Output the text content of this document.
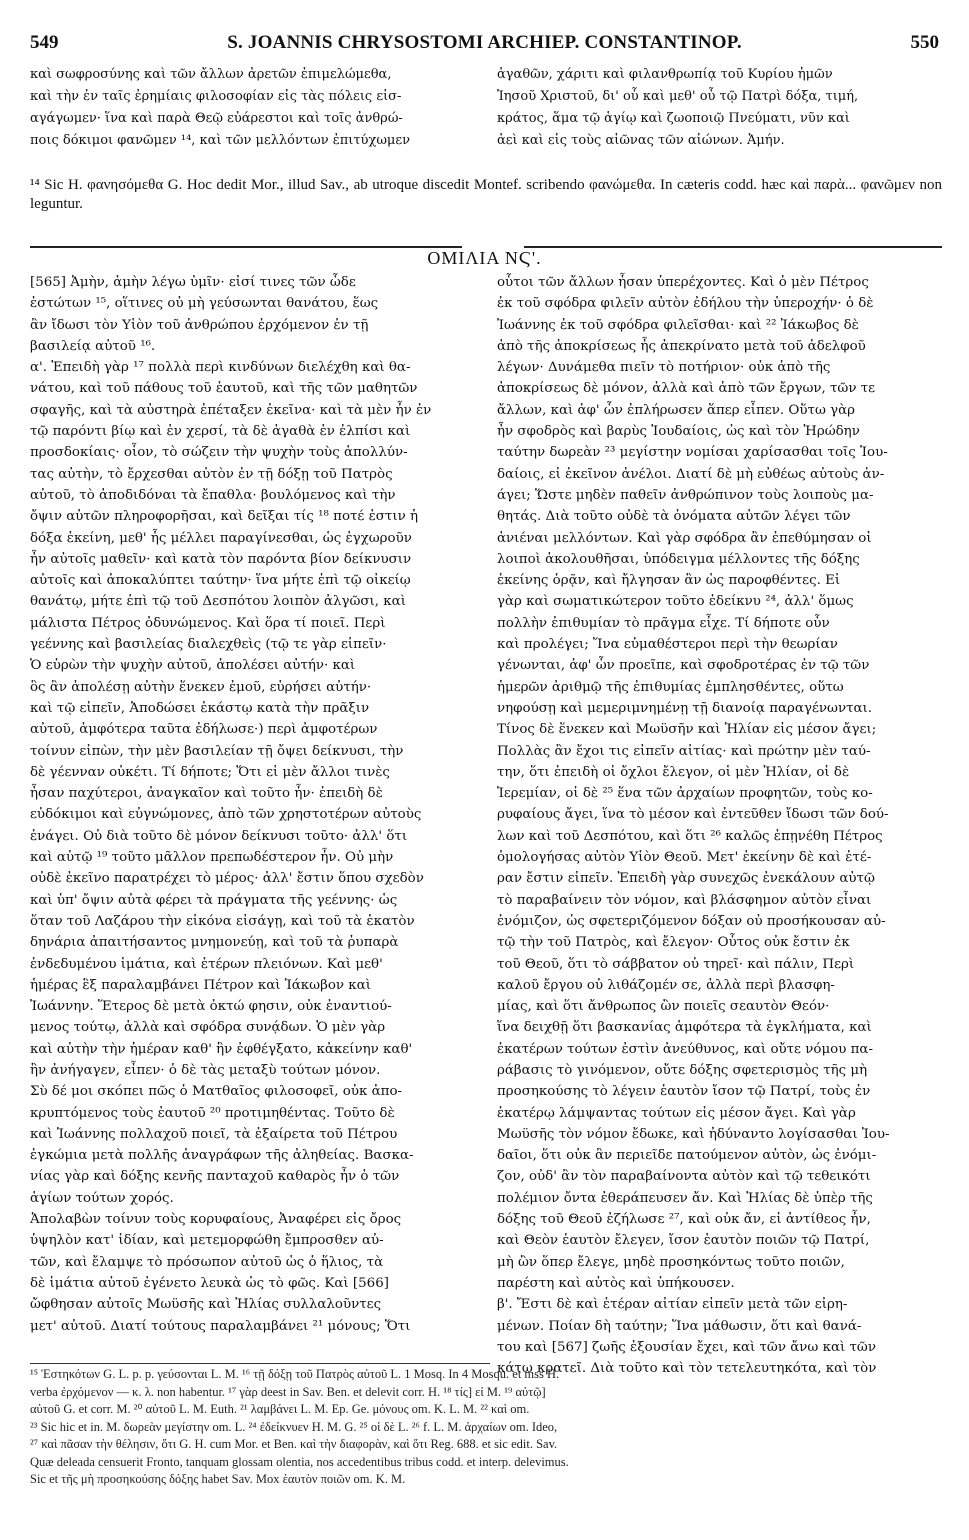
549	S. JOANNIS CHRYSOSTOMI ARCHIEP. CONSTANTINOP.	550
καὶ σωφροσύνης καὶ τῶν ἄλλων ἀρετῶν ἐπιμελώμεθα,
καὶ τὴν ἐν ταῖς ἐρημίαις φιλοσοφίαν εἰς τὰς πόλεις εἰσ-
αγάγωμεν· ἵνα καὶ παρὰ Θεῷ εὐάρεστοι καὶ τοῖς ἀνθρώ-
ποις δόκιμοι φανῶμεν ¹⁴, καὶ τῶν μελλόντων ἐπιτύχωμεν
ἀγαθῶν, χάριτι καὶ φιλανθρωπίᾳ τοῦ Κυρίου ἡμῶν
Ἰησοῦ Χριστοῦ, δι' οὗ καὶ μεθ' οὗ τῷ Πατρὶ δόξα, τιμή,
κράτος, ἅμα τῷ ἁγίῳ καὶ ζωοποιῷ Πνεύματι, νῦν καὶ
ἀεὶ καὶ εἰς τοὺς αἰῶνας τῶν αἰώνων. Ἀμήν.
¹⁴ Sic H. φανησόμεθα G. Hoc dedit Mor., illud Sav., ab utroque discedit Montef. scribendo φανώμεθα. In cæteris codd. hæc καὶ παρὰ... φανῶμεν non leguntur.
ΟΜΙΛΙΑ ΝϚ'.
[565] Ἀμὴν, ἀμὴν λέγω ὑμῖν· εἰσί τινες τῶν ὧδε
ἑστώτων ¹⁵, οἵτινες οὐ μὴ γεύσωνται θανάτου, ἕως
ἂν ἴδωσι τὸν Υἱὸν τοῦ ἀνθρώπου ἐρχόμενον ἐν τῇ
βασιλείᾳ αὐτοῦ ¹⁶.
α'. Ἐπειδὴ γὰρ ¹⁷ πολλὰ περὶ κινδύνων διελέχθη καὶ θα-
νάτου, καὶ τοῦ πάθους τοῦ ἑαυτοῦ, καὶ τῆς τῶν μαθητῶν
σφαγῆς, καὶ τὰ αὐστηρὰ ἐπέταξεν ἐκεῖνα· καὶ τὰ μὲν ἦν ἐν
τῷ παρόντι βίῳ καὶ ἐν χερσί, τὰ δὲ ἀγαθὰ ἐν ἐλπίσι καὶ
προσδοκίαις· οἷον, τὸ σώζειν τὴν ψυχὴν τοὺς ἀπολλύν-
τας αὐτὴν, τὸ ἔρχεσθαι αὐτὸν ἐν τῇ δόξῃ τοῦ Πατρὸς
αὐτοῦ, τὸ ἀποδιδόναι τὰ ἔπαθλα· βουλόμενος καὶ τὴν
ὄψιν αὐτῶν πληροφορῆσαι, καὶ δεῖξαι τίς ¹⁸ ποτέ ἐστιν ἡ
δόξα ἐκείνη, μεθ' ἧς μέλλει παραγίνεσθαι, ὡς ἐγχωροῦν
ἦν αὐτοῖς μαθεῖν· καὶ κατὰ τὸν παρόντα βίον δείκνυσιν
αὐτοῖς καὶ ἀποκαλύπτει ταύτην· ἵνα μήτε ἐπὶ τῷ οἰκείῳ
θανάτῳ, μήτε ἐπὶ τῷ τοῦ Δεσπότου λοιπὸν ἀλγῶσι, καὶ
μάλιστα Πέτρος ὀδυνώμενος. Καὶ ὅρα τί ποιεῖ. Περὶ
γεέννης καὶ βασιλείας διαλεχθεὶς (τῷ τε γὰρ εἰπεῖν·
Ὁ εὑρὼν τὴν ψυχὴν αὐτοῦ, ἀπολέσει αὐτήν· καὶ
ὃς ἂν ἀπολέσῃ αὐτὴν ἕνεκεν ἐμοῦ, εὑρήσει αὐτήν·
καὶ τῷ εἰπεῖν, Ἀποδώσει ἑκάστῳ κατὰ τὴν πρᾶξιν
αὐτοῦ, ἀμφότερα ταῦτα ἐδήλωσε·) περὶ ἀμφοτέρων
τοίνυν εἰπὼν, τὴν μὲν βασιλείαν τῇ ὄψει δείκνυσι, τὴν
δὲ γέενναν οὐκέτι. Τί δήποτε; Ὅτι εἰ μὲν ἄλλοι τινὲς
ἦσαν παχύτεροι, ἀναγκαῖον καὶ τοῦτο ἦν· ἐπειδὴ δὲ
εὐδόκιμοι καὶ εὐγνώμονες, ἀπὸ τῶν χρηστοτέρων αὐτοὺς
ἐνάγει. Οὐ διὰ τοῦτο δὲ μόνον δείκνυσι τοῦτο· ἀλλ' ὅτι
καὶ αὐτῷ ¹⁹ τοῦτο μᾶλλον πρεπωδέστερον ἦν. Οὐ μὴν
οὐδὲ ἐκεῖνο παρατρέχει τὸ μέρος· ἀλλ' ἔστιν ὅπου σχεδὸν
καὶ ὑπ' ὄψιν αὐτὰ φέρει τὰ πράγματα τῆς γεέννης· ὡς
ὅταν τοῦ Λαζάρου τὴν εἰκόνα εἰσάγῃ, καὶ τοῦ τὰ ἑκατὸν
δηνάρια ἀπαιτήσαντος μνημονεύῃ, καὶ τοῦ τὰ ῥυπαρὰ
ἐνδεδυμένου ἱμάτια, καὶ ἑτέρων πλειόνων. Καὶ μεθ'
ἡμέρας ἓξ παραλαμβάνει Πέτρον καὶ Ἰάκωβον καὶ
Ἰωάννην. Ἕτερος δὲ μετὰ ὀκτώ φησιν, οὐκ ἐναντιού-
μενος τούτῳ, ἀλλὰ καὶ σφόδρα συνᾴδων. Ὁ μὲν γὰρ
καὶ αὐτὴν τὴν ἡμέραν καθ' ἣν ἐφθέγξατο, κἀκείνην καθ'
ἣν ἀνήγαγεν, εἶπεν· ὁ δὲ τὰς μεταξὺ τούτων μόνον.
Σὺ δέ μοι σκόπει πῶς ὁ Ματθαῖος φιλοσοφεῖ, οὐκ ἀπο-
κρυπτόμενος τοὺς ἑαυτοῦ ²⁰ προτιμηθέντας. Τοῦτο δὲ
καὶ Ἰωάννης πολλαχοῦ ποιεῖ, τὰ ἐξαίρετα τοῦ Πέτρου
ἐγκώμια μετὰ πολλῆς ἀναγράφων τῆς ἀληθείας. Βασκα-
νίας γὰρ καὶ δόξης κενῆς πανταχοῦ καθαρὸς ἦν ὁ τῶν
ἁγίων τούτων χορός.
Ἀπολαβὼν τοίνυν τοὺς κορυφαίους, Ἀναφέρει εἰς ὄρος
ὑψηλὸν κατ' ἰδίαν, καὶ μετεμορφώθη ἔμπροσθεν αὐ-
τῶν, καὶ ἔλαμψε τὸ πρόσωπον αὐτοῦ ὡς ὁ ἥλιος, τὰ
δὲ ἱμάτια αὐτοῦ ἐγένετο λευκὰ ὡς τὸ φῶς. Καὶ [566]
ὤφθησαν αὐτοῖς Μωϋσῆς καὶ Ἠλίας συλλαλοῦντες
μετ' αὐτοῦ. Διατί τούτους παραλαμβάνει ²¹ μόνους; Ὅτι
οὗτοι τῶν ἄλλων ἦσαν ὑπερέχοντες. Καὶ ὁ μὲν Πέτρος
ἐκ τοῦ σφόδρα φιλεῖν αὐτὸν ἐδήλου τὴν ὑπεροχήν· ὁ δὲ
Ἰωάννης ἐκ τοῦ σφόδρα φιλεῖσθαι· καὶ ²² Ἰάκωβος δὲ
ἀπὸ τῆς ἀποκρίσεως ἧς ἀπεκρίνατο μετὰ τοῦ ἀδελφοῦ
λέγων· Δυνάμεθα πιεῖν τὸ ποτήριον· οὐκ ἀπὸ τῆς
ἀποκρίσεως δὲ μόνον, ἀλλὰ καὶ ἀπὸ τῶν ἔργων, τῶν τε
ἄλλων, καὶ ἀφ' ὧν ἐπλήρωσεν ἅπερ εἶπεν. Οὕτω γὰρ
ἦν σφοδρὸς καὶ βαρὺς Ἰουδαίοις, ὡς καὶ τὸν Ἡρώδην
ταύτην δωρεὰν ²³ μεγίστην νομίσαι χαρίσασθαι τοῖς Ἰου-
δαίοις, εἰ ἐκεῖνον ἀνέλοι. Διατί δὲ μὴ εὐθέως αὐτοὺς ἀν-
άγει; Ὥστε μηδὲν παθεῖν ἀνθρώπινον τοὺς λοιποὺς μα-
θητάς. Διὰ τοῦτο οὐδὲ τὰ ὀνόματα αὐτῶν λέγει τῶν
ἀνιέναι μελλόντων. Καὶ γὰρ σφόδρα ἂν ἐπεθύμησαν οἱ
λοιποὶ ἀκολουθῆσαι, ὑπόδειγμα μέλλοντες τῆς δόξης
ἐκείνης ὁρᾷν, καὶ ἤλγησαν ἂν ὡς παροφθέντες. Εἰ
γὰρ καὶ σωματικώτερον τοῦτο ἐδείκνυ ²⁴, ἀλλ' ὅμως
πολλὴν ἐπιθυμίαν τὸ πρᾶγμα εἶχε. Τί δήποτε οὖν
καὶ προλέγει; Ἵνα εὐμαθέστεροι περὶ τὴν θεωρίαν
γένωνται, ἀφ' ὧν προεῖπε, καὶ σφοδροτέρας ἐν τῷ τῶν
ἡμερῶν ἀριθμῷ τῆς ἐπιθυμίας ἐμπλησθέντες, οὕτω
νηφούσῃ καὶ μεμεριμνημένῃ τῇ διανοίᾳ παραγένωνται.
Τίνος δὲ ἕνεκεν καὶ Μωϋσῆν καὶ Ἠλίαν εἰς μέσον ἄγει;
Πολλὰς ἂν ἔχοι τις εἰπεῖν αἰτίας· καὶ πρώτην μὲν ταύ-
την, ὅτι ἐπειδὴ οἱ ὄχλοι ἔλεγον, οἱ μὲν Ἠλίαν, οἱ δὲ
Ἱερεμίαν, οἱ δὲ ²⁵ ἕνα τῶν ἀρχαίων προφητῶν, τοὺς κο-
ρυφαίους ἄγει, ἵνα τὸ μέσον καὶ ἐντεῦθεν ἴδωσι τῶν δού-
λων καὶ τοῦ Δεσπότου, καὶ ὅτι ²⁶ καλῶς ἐπῃνέθη Πέτρος
ὁμολογήσας αὐτὸν Υἱὸν Θεοῦ. Μετ' ἐκείνην δὲ καὶ ἑτέ-
ραν ἔστιν εἰπεῖν. Ἐπειδὴ γὰρ συνεχῶς ἐνεκάλουν αὐτῷ
τὸ παραβαίνειν τὸν νόμον, καὶ βλάσφημον αὐτὸν εἶναι
ἐνόμιζον, ὡς σφετεριζόμενον δόξαν οὐ προσήκουσαν αὐ-
τῷ τὴν τοῦ Πατρὸς, καὶ ἔλεγον· Οὗτος οὐκ ἔστιν ἐκ
τοῦ Θεοῦ, ὅτι τὸ σάββατον οὐ τηρεῖ· καὶ πάλιν, Περὶ
καλοῦ ἔργου οὐ λιθάζομέν σε, ἀλλὰ περὶ βλασφη-
μίας, καὶ ὅτι ἄνθρωπος ὢν ποιεῖς σεαυτὸν Θεόν·
ἵνα δειχθῇ ὅτι βασκανίας ἀμφότερα τὰ ἐγκλήματα, καὶ
ἑκατέρων τούτων ἐστὶν ἀνεύθυνος, καὶ οὔτε νόμου πα-
ράβασις τὸ γινόμενον, οὔτε δόξης σφετερισμὸς τῆς μὴ
προσηκούσης τὸ λέγειν ἑαυτὸν ἴσον τῷ Πατρί, τοὺς ἐν
ἑκατέρῳ λάμψαντας τούτων εἰς μέσον ἄγει. Καὶ γὰρ
Μωϋσῆς τὸν νόμον ἔδωκε, καὶ ἠδύναντο λογίσασθαι Ἰου-
δαῖοι, ὅτι οὐκ ἂν περιεῖδε πατούμενον αὐτὸν, ὡς ἐνόμι-
ζον, οὐδ' ἂν τὸν παραβαίνοντα αὐτὸν καὶ τῷ τεθεικότι
πολέμιον ὄντα ἐθεράπευσεν ἄν. Καὶ Ἠλίας δὲ ὑπὲρ τῆς
δόξης τοῦ Θεοῦ ἐζήλωσε ²⁷, καὶ οὐκ ἄν, εἰ ἀντίθεος ἦν,
καὶ Θεὸν ἑαυτὸν ἔλεγεν, ἴσον ἑαυτὸν ποιῶν τῷ Πατρί,
μὴ ὢν ὅπερ ἔλεγε, μηδὲ προσηκόντως τοῦτο ποιῶν,
παρέστη καὶ αὐτὸς καὶ ὑπήκουσεν.
β'. Ἔστι δὲ καὶ ἑτέραν αἰτίαν εἰπεῖν μετὰ τῶν εἰρη-
μένων. Ποίαν δὴ ταύτην; Ἵνα μάθωσιν, ὅτι καὶ θανά-
του καὶ [567] ζωῆς ἐξουσίαν ἔχει, καὶ τῶν ἄνω καὶ τῶν
κάτω κρατεῖ. Διὰ τοῦτο καὶ τὸν τετελευτηκότα, καὶ τὸν
¹⁵ Ἑστηκότων G. L. p. p. γεύσονται L. M. ¹⁶ τῇ δόξῃ τοῦ Πατρὸς αὐτοῦ L. 1 Mosq. In 4 Mosqu. et mss H.
verba ἐρχόμενον — κ. λ. non habentur. ¹⁷ γὰρ deest in Sav. Ben. et delevit corr. H. ¹⁸ τίς] εἰ M. ¹⁹ αὐτῷ]
αὐτοῦ G. et corr. M. ²⁰ αὐτοῦ L. M. Euth. ²¹ λαμβάνει L. M. Ep. Ge. μόνους om. K. L. M. ²² καὶ om.
²³ Sic hic et in. M. δωρεὰν μεγίστην om. L. ²⁴ ἐδείκνυεν H. M. G. ²⁵ οἱ δὲ L. ²⁶ f. L. M. ἀρχαίων om. Ideo,
²⁷ καὶ πᾶσαν τὴν θέλησιν, ὅτι G. H. cum Mor. et Ben. καὶ τὴν διαφορὰν, καὶ ὅτι Reg. 688. et sic edit. Sav.
Quæ deleada censuerit Fronto, tanquam glossam olentia, nos accedentibus tribus codd. et interp. delevimus.
Sic et τῆς μὴ προσηκούσης δόξης habet Sav. Mox ἑαυτὸν ποιῶν om. K. M.
